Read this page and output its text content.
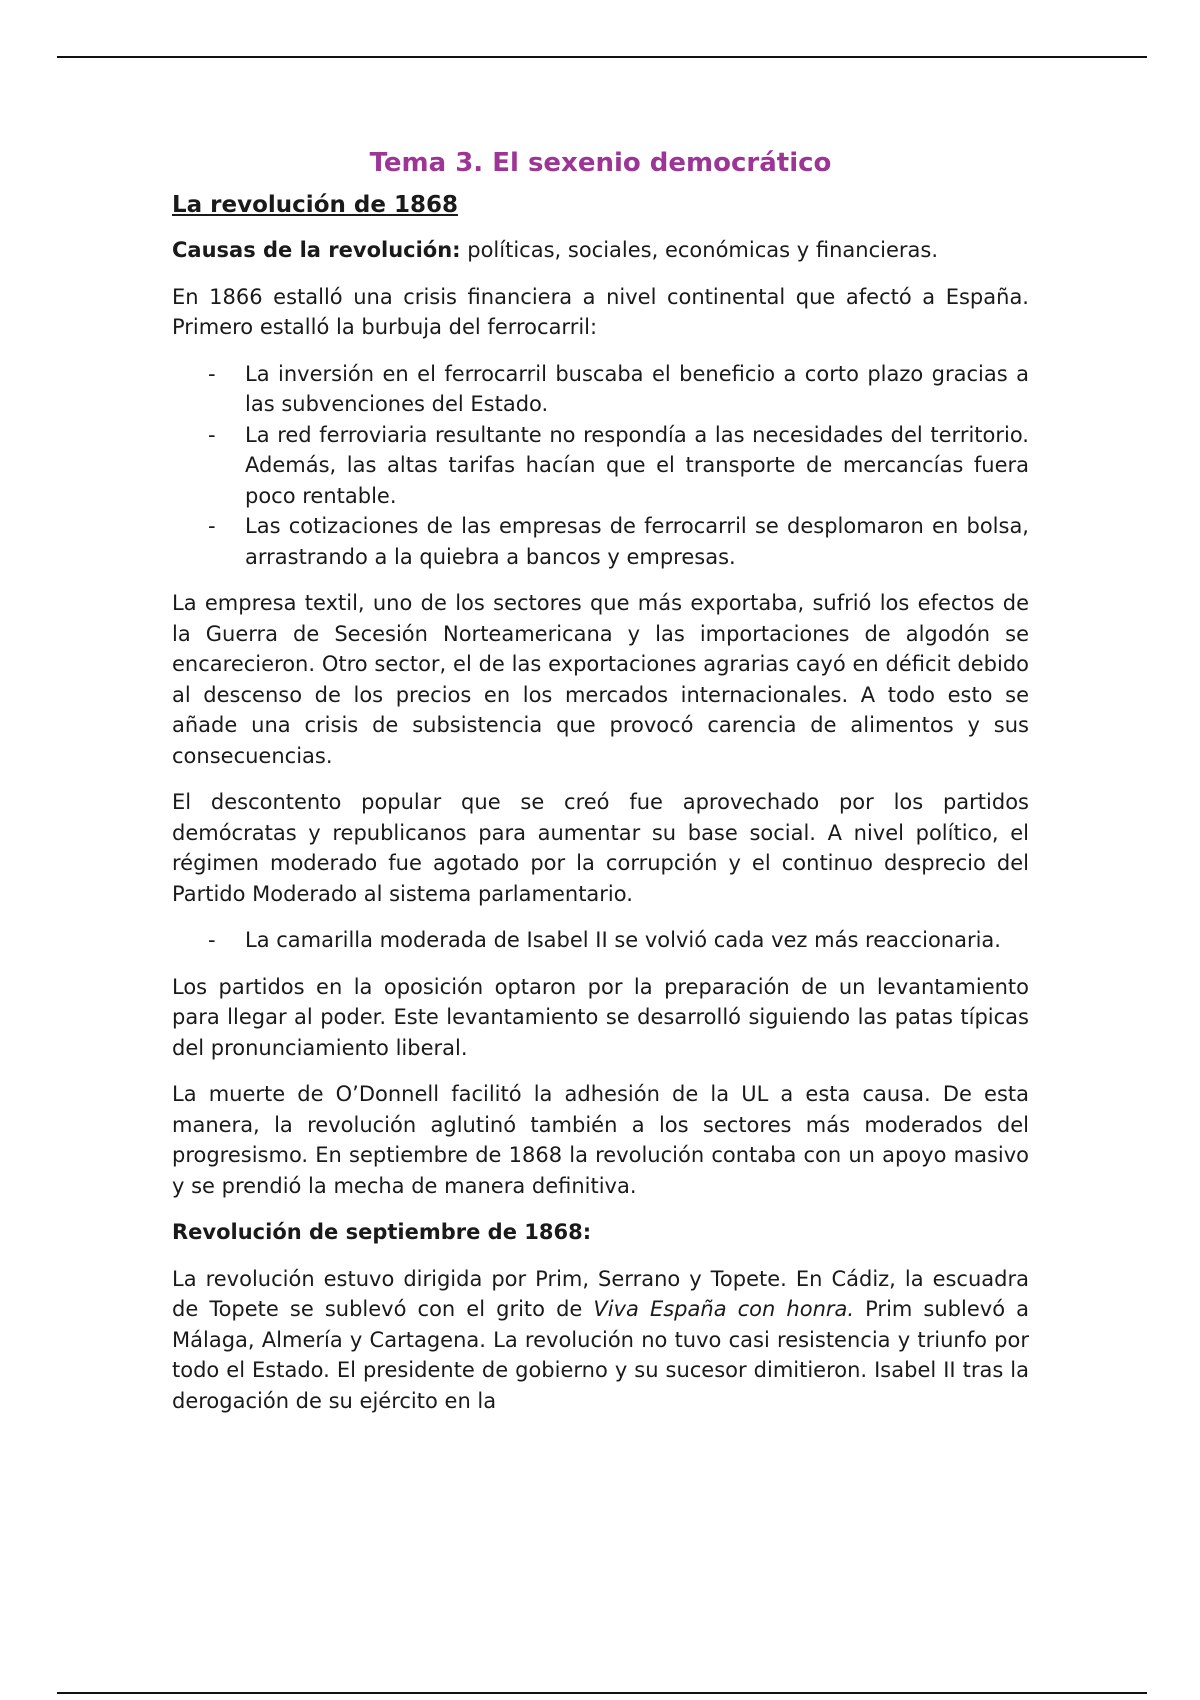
Tema 3. El sexenio democrático
La revolución de 1868

Causas de la revolución: políticas, sociales, económicas y financieras.

En 1866 estalló una crisis financiera a nivel continental que afectó a España. Primero estalló la burbuja del ferrocarril:

- La inversión en el ferrocarril buscaba el beneficio a corto plazo gracias a las subvenciones del Estado.
- La red ferroviaria resultante no respondía a las necesidades del territorio. Además, las altas tarifas hacían que el transporte de mercancías fuera poco rentable.
- Las cotizaciones de las empresas de ferrocarril se desplomaron en bolsa, arrastrando a la quiebra a bancos y empresas.

La empresa textil, uno de los sectores que más exportaba, sufrió los efectos de la Guerra de Secesión Norteamericana y las importaciones de algodón se encarecieron. Otro sector, el de las exportaciones agrarias cayó en déficit debido al descenso de los precios en los mercados internacionales. A todo esto se añade una crisis de subsistencia que provocó carencia de alimentos y sus consecuencias.

El descontento popular que se creó fue aprovechado por los partidos demócratas y republicanos para aumentar su base social. A nivel político, el régimen moderado fue agotado por la corrupción y el continuo desprecio del Partido Moderado al sistema parlamentario.

- La camarilla moderada de Isabel II se volvió cada vez más reaccionaria.

Los partidos en la oposición optaron por la preparación de un levantamiento para llegar al poder. Este levantamiento se desarrolló siguiendo las patas típicas del pronunciamiento liberal.

La muerte de O’Donnell facilitó la adhesión de la UL a esta causa. De esta manera, la revolución aglutinó también a los sectores más moderados del progresismo. En septiembre de 1868 la revolución contaba con un apoyo masivo y se prendió la mecha de manera definitiva.

Revolución de septiembre de 1868:

La revolución estuvo dirigida por Prim, Serrano y Topete. En Cádiz, la escuadra de Topete se sublevó con el grito de Viva España con honra. Prim sublevó a Málaga, Almería y Cartagena. La revolución no tuvo casi resistencia y triunfo por todo el Estado. El presidente de gobierno y su sucesor dimitieron. Isabel II tras la derogación de su ejército en la
